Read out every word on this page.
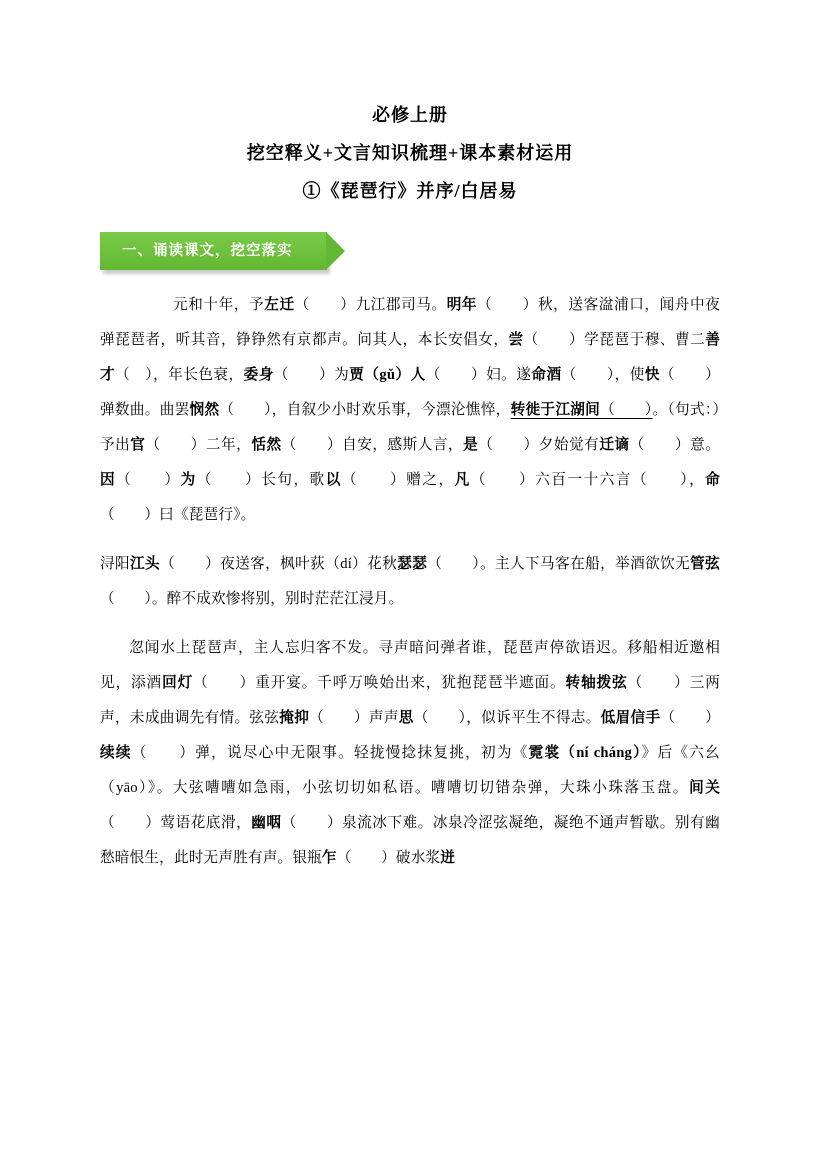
必修上册
挖空释义+文言知识梳理+课本素材运用
①《琵琶行》并序/白居易
一、诵读课文，挖空落实

元和十年，予左迁（　　）九江郡司马。明年（　　）秋，送客湓浦口，闻舟中夜弹琵琶者，听其音，铮铮然有京都声。问其人，本长安倡女，尝（　　）学琵琶于穆、曹二善才（　），年长色衰，委身（　　）为贾（gǔ）人（　　）妇。遂命酒（　　），使快（　　）弹数曲。曲罢悯然（　　），自叙少小时欢乐事，今漂沦憔悴，转徙于江湖间（　　）。（句式：）予出官（　　）二年，恬然（　　）自安，感斯人言，是（　　）夕始觉有迁谪（　　）意。因（　　）为（　　）长句，歌以（　　）赠之，凡（　　）六百一十六言（　　），命（　　）曰《琵琶行》。

浔阳江头（　　）夜送客，枫叶荻（dí）花秋瑟瑟（　　）。主人下马客在船，举酒欲饮无管弦（　　）。醉不成欢惨将别，别时茫茫江浸月。

忽闻水上琵琶声，主人忘归客不发。寻声暗问弹者谁，琵琶声停欲语迟。移船相近邀相见，添酒回灯（　　）重开宴。千呼万唤始出来，犹抱琵琶半遮面。转轴拨弦（　　）三两声，未成曲调先有情。弦弦掩抑（　　）声声思（　　），似诉平生不得志。低眉信手（　　）续续（　　）弹，说尽心中无限事。轻拢慢捻抹复挑，初为《霓裳（ní cháng）》后《六幺（yāo）》。大弦嘈嘈如急雨，小弦切切如私语。嘈嘈切切错杂弹，大珠小珠落玉盘。间关（　　）莺语花底滑，幽咽（　　）泉流冰下难。冰泉冷涩弦凝绝，凝绝不通声暂歇。别有幽愁暗恨生，此时无声胜有声。银瓶乍（　　）破水浆迸
